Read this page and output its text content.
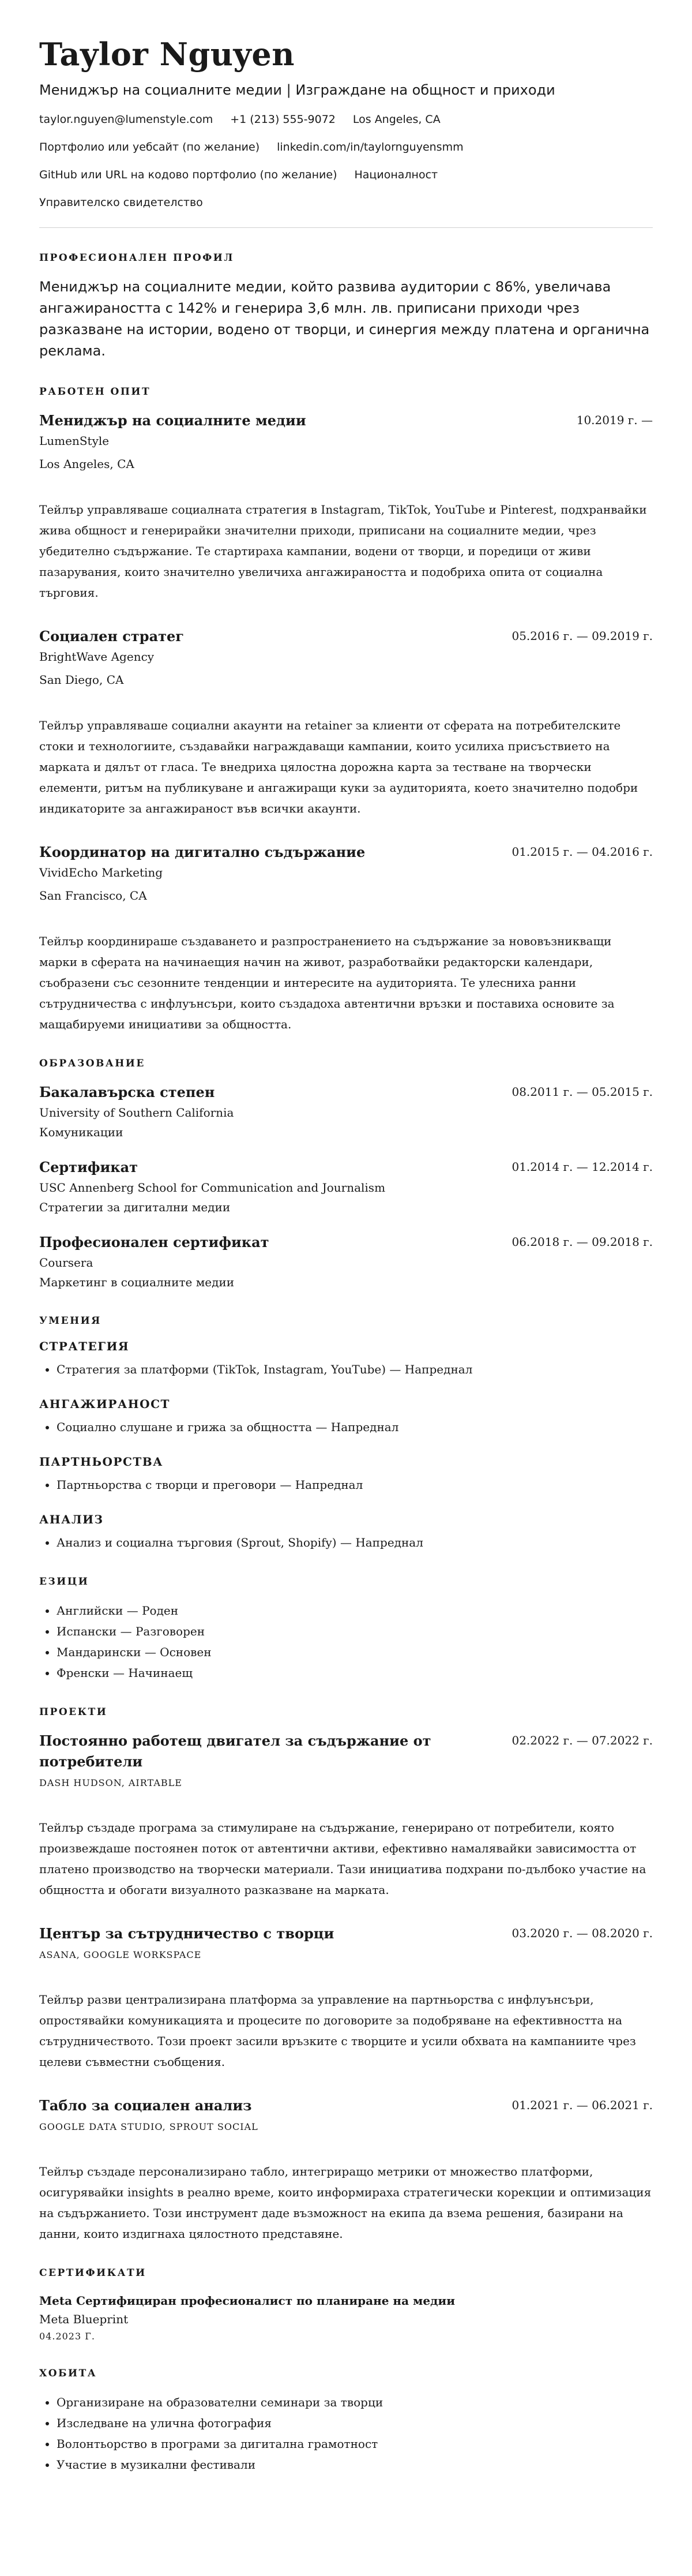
Taylor Nguyen
Мениджър на социалните медии | Изграждане на общност и приходи
taylor.nguyen@lumenstyle.com +1 (213) 555-9072 Los Angeles, CA
Портфолио или уебсайт (по желание) linkedin.com/in/taylornguyensmm
GitHub или URL на кодово портфолио (по желание) Националност
Управителско свидетелство
ПРОФЕСИОНАЛЕН ПРОФИЛ
Мениджър на социалните медии, който развива аудитории с 86%, увеличава ангажираността с 142% и генерира 3,6 млн. лв. приписани приходи чрез разказване на истории, водено от творци, и синергия между платена и органична реклама.
РАБОТЕН ОПИТ
Мениджър на социалните медии	10.2019 г. —
LumenStyle
Los Angeles, CA
Тейлър управляваше социалната стратегия в Instagram, TikTok, YouTube и Pinterest, подхранвайки жива общност и генерирайки значителни приходи, приписани на социалните медии, чрез убедително съдържание. Те стартираха кампании, водени от творци, и поредици от живи пазарувания, които значително увеличиха ангажираността и подобриха опита от социална търговия.
Социален стратег	05.2016 г. — 09.2019 г.
BrightWave Agency
San Diego, CA
Тейлър управляваше социални акаунти на retainer за клиенти от сферата на потребителските стоки и технологиите, създавайки награждаващи кампании, които усилиха присъствието на марката и дялът от гласа. Те внедриха цялостна дорожна карта за тестване на творчески елементи, ритъм на публикуване и ангажиращи куки за аудиторията, което значително подобри индикаторите за ангажираност във всички акаунти.
Координатор на дигитално съдържание	01.2015 г. — 04.2016 г.
VividEcho Marketing
San Francisco, CA
Тейлър координираше създаването и разпространението на съдържание за нововъзникващи марки в сферата на начинаещия начин на живот, разработвайки редакторски календари, съобразени със сезонните тенденции и интересите на аудиторията. Те улесниха ранни сътрудничества с инфлуънсъри, които създадоха автентични връзки и поставиха основите за мащабируеми инициативи за общността.
ОБРАЗОВАНИЕ
Бакалавърска степен	08.2011 г. — 05.2015 г.
University of Southern California
Комуникации
Сертификат	01.2014 г. — 12.2014 г.
USC Annenberg School for Communication and Journalism
Стратегии за дигитални медии
Професионален сертификат	06.2018 г. — 09.2018 г.
Coursera
Маркетинг в социалните медии
УМЕНИЯ
СТРАТЕГИЯ
• Стратегия за платформи (TikTok, Instagram, YouTube) — Напреднал
АНГАЖИРАНОСТ
• Социално слушане и грижа за общността — Напреднал
ПАРТНЬОРСТВА
• Партньорства с творци и преговори — Напреднал
АНАЛИЗ
• Анализ и социална търговия (Sprout, Shopify) — Напреднал
ЕЗИЦИ
• Английски — Роден
• Испански — Разговорен
• Мандарински — Основен
• Френски — Начинаещ
ПРОЕКТИ
Постоянно работещ двигател за съдържание от потребители
02.2022 г. — 07.2022 г.
DASH HUDSON, AIRTABLE
Тейлър създаде програма за стимулиране на съдържание, генерирано от потребители, която произвеждаше постоянен поток от автентични активи, ефективно намалявайки зависимостта от платено производство на творчески материали. Тази инициатива подхрани по-дълбоко участие на общността и обогати визуалното разказване на марката.
Център за сътрудничество с творци	03.2020 г. — 08.2020 г.
ASANA, GOOGLE WORKSPACE
Тейлър разви централизирана платформа за управление на партньорства с инфлуънсъри, опростявайки комуникацията и процесите по договорите за подобряване на ефективността на сътрудничеството. Този проект засили връзките с творците и усили обхвата на кампаниите чрез целеви съвместни съобщения.
Табло за социален анализ	01.2021 г. — 06.2021 г.
GOOGLE DATA STUDIO, SPROUT SOCIAL
Тейлър създаде персонализирано табло, интегриращо метрики от множество платформи, осигурявайки insights в реално време, които информираха стратегически корекции и оптимизация на съдържанието. Този инструмент даде възможност на екипа да взема решения, базирани на данни, които издигнаха цялостното представяне.
СЕРТИФИКАТИ
Meta Сертифициран професионалист по планиране на медии
Meta Blueprint
04.2023 Г.
ХОБИТА
• Организиране на образователни семинари за творци
• Изследване на улична фотография
• Волонтьорство в програми за дигитална грамотност
• Участие в музикални фестивали
